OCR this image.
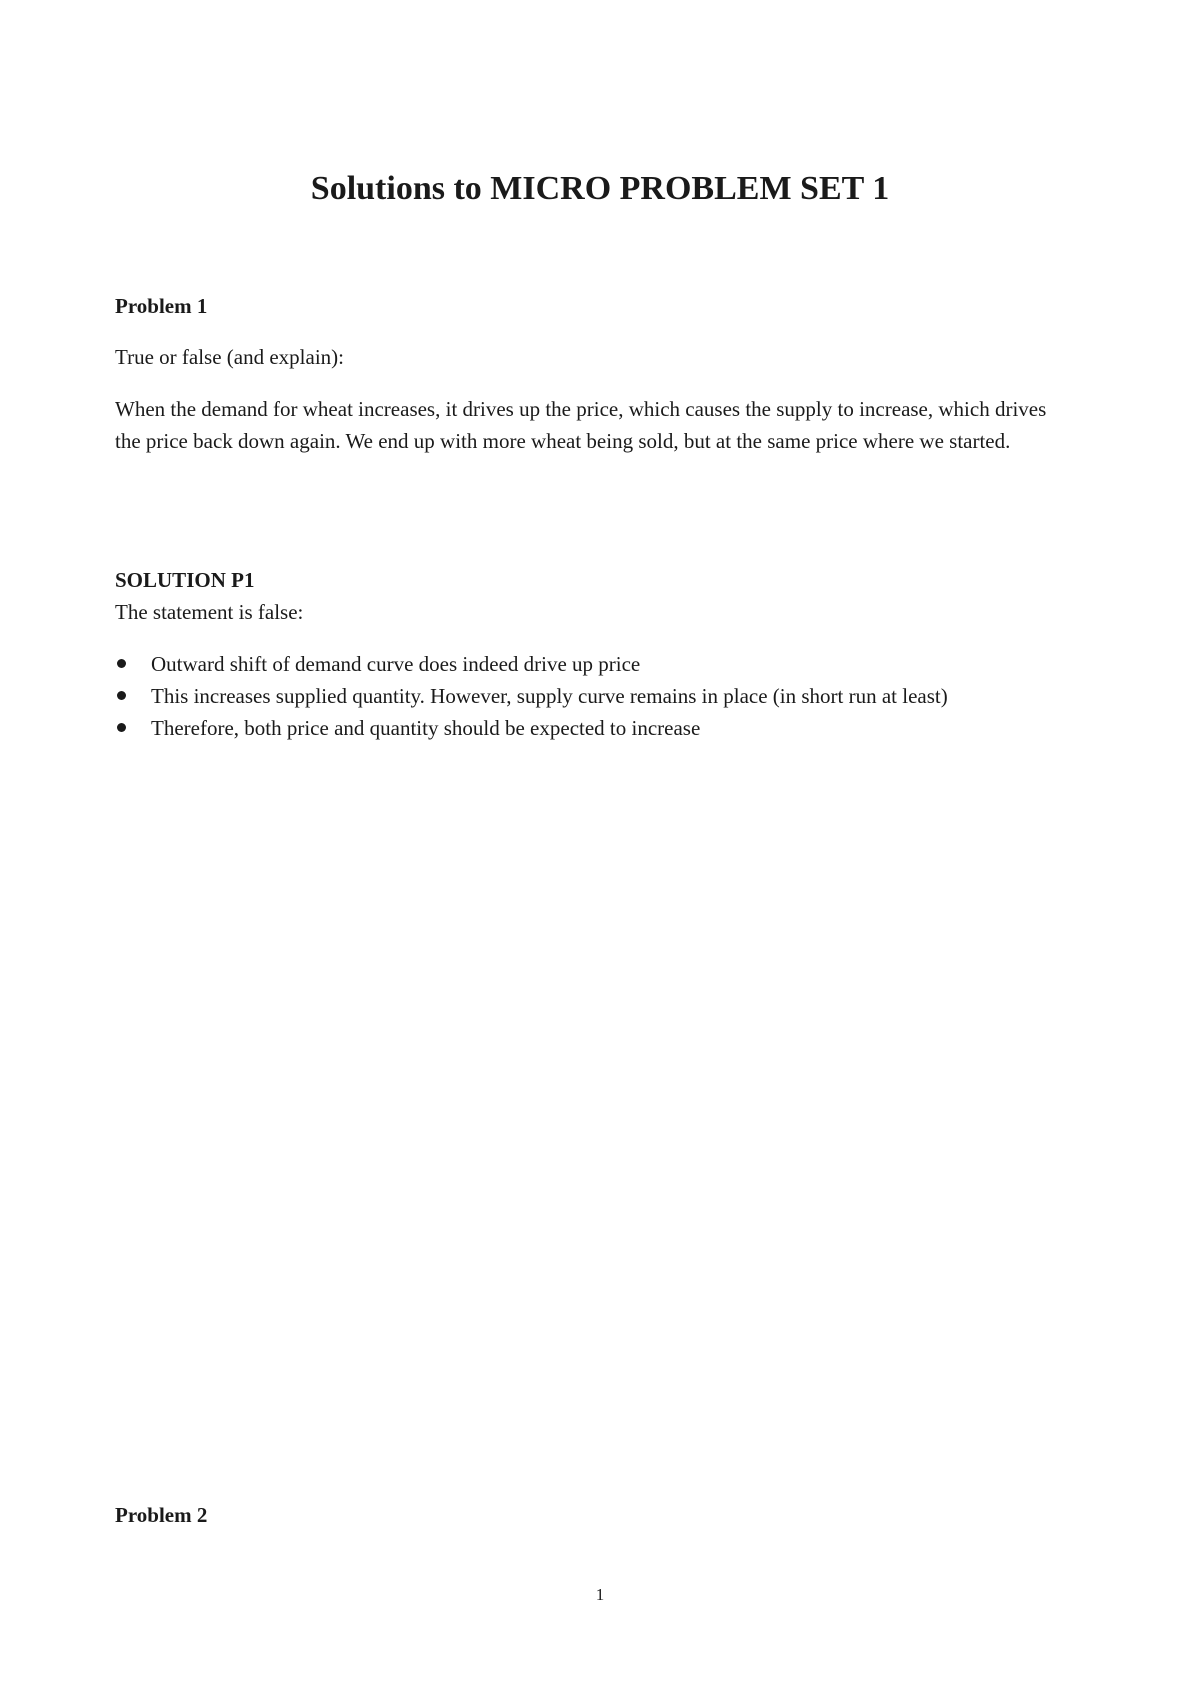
Solutions to MICRO PROBLEM SET 1
Problem 1

True or false (and explain):

When the demand for wheat increases, it drives up the price, which causes the supply to increase, which drives the price back down again. We end up with more wheat being sold, but at the same price where we started.

SOLUTION P1

The statement is false:

Outward shift of demand curve does indeed drive up price
This increases supplied quantity. However, supply curve remains in place (in short run at least)
Therefore, both price and quantity should be expected to increase
Problem 2

1
